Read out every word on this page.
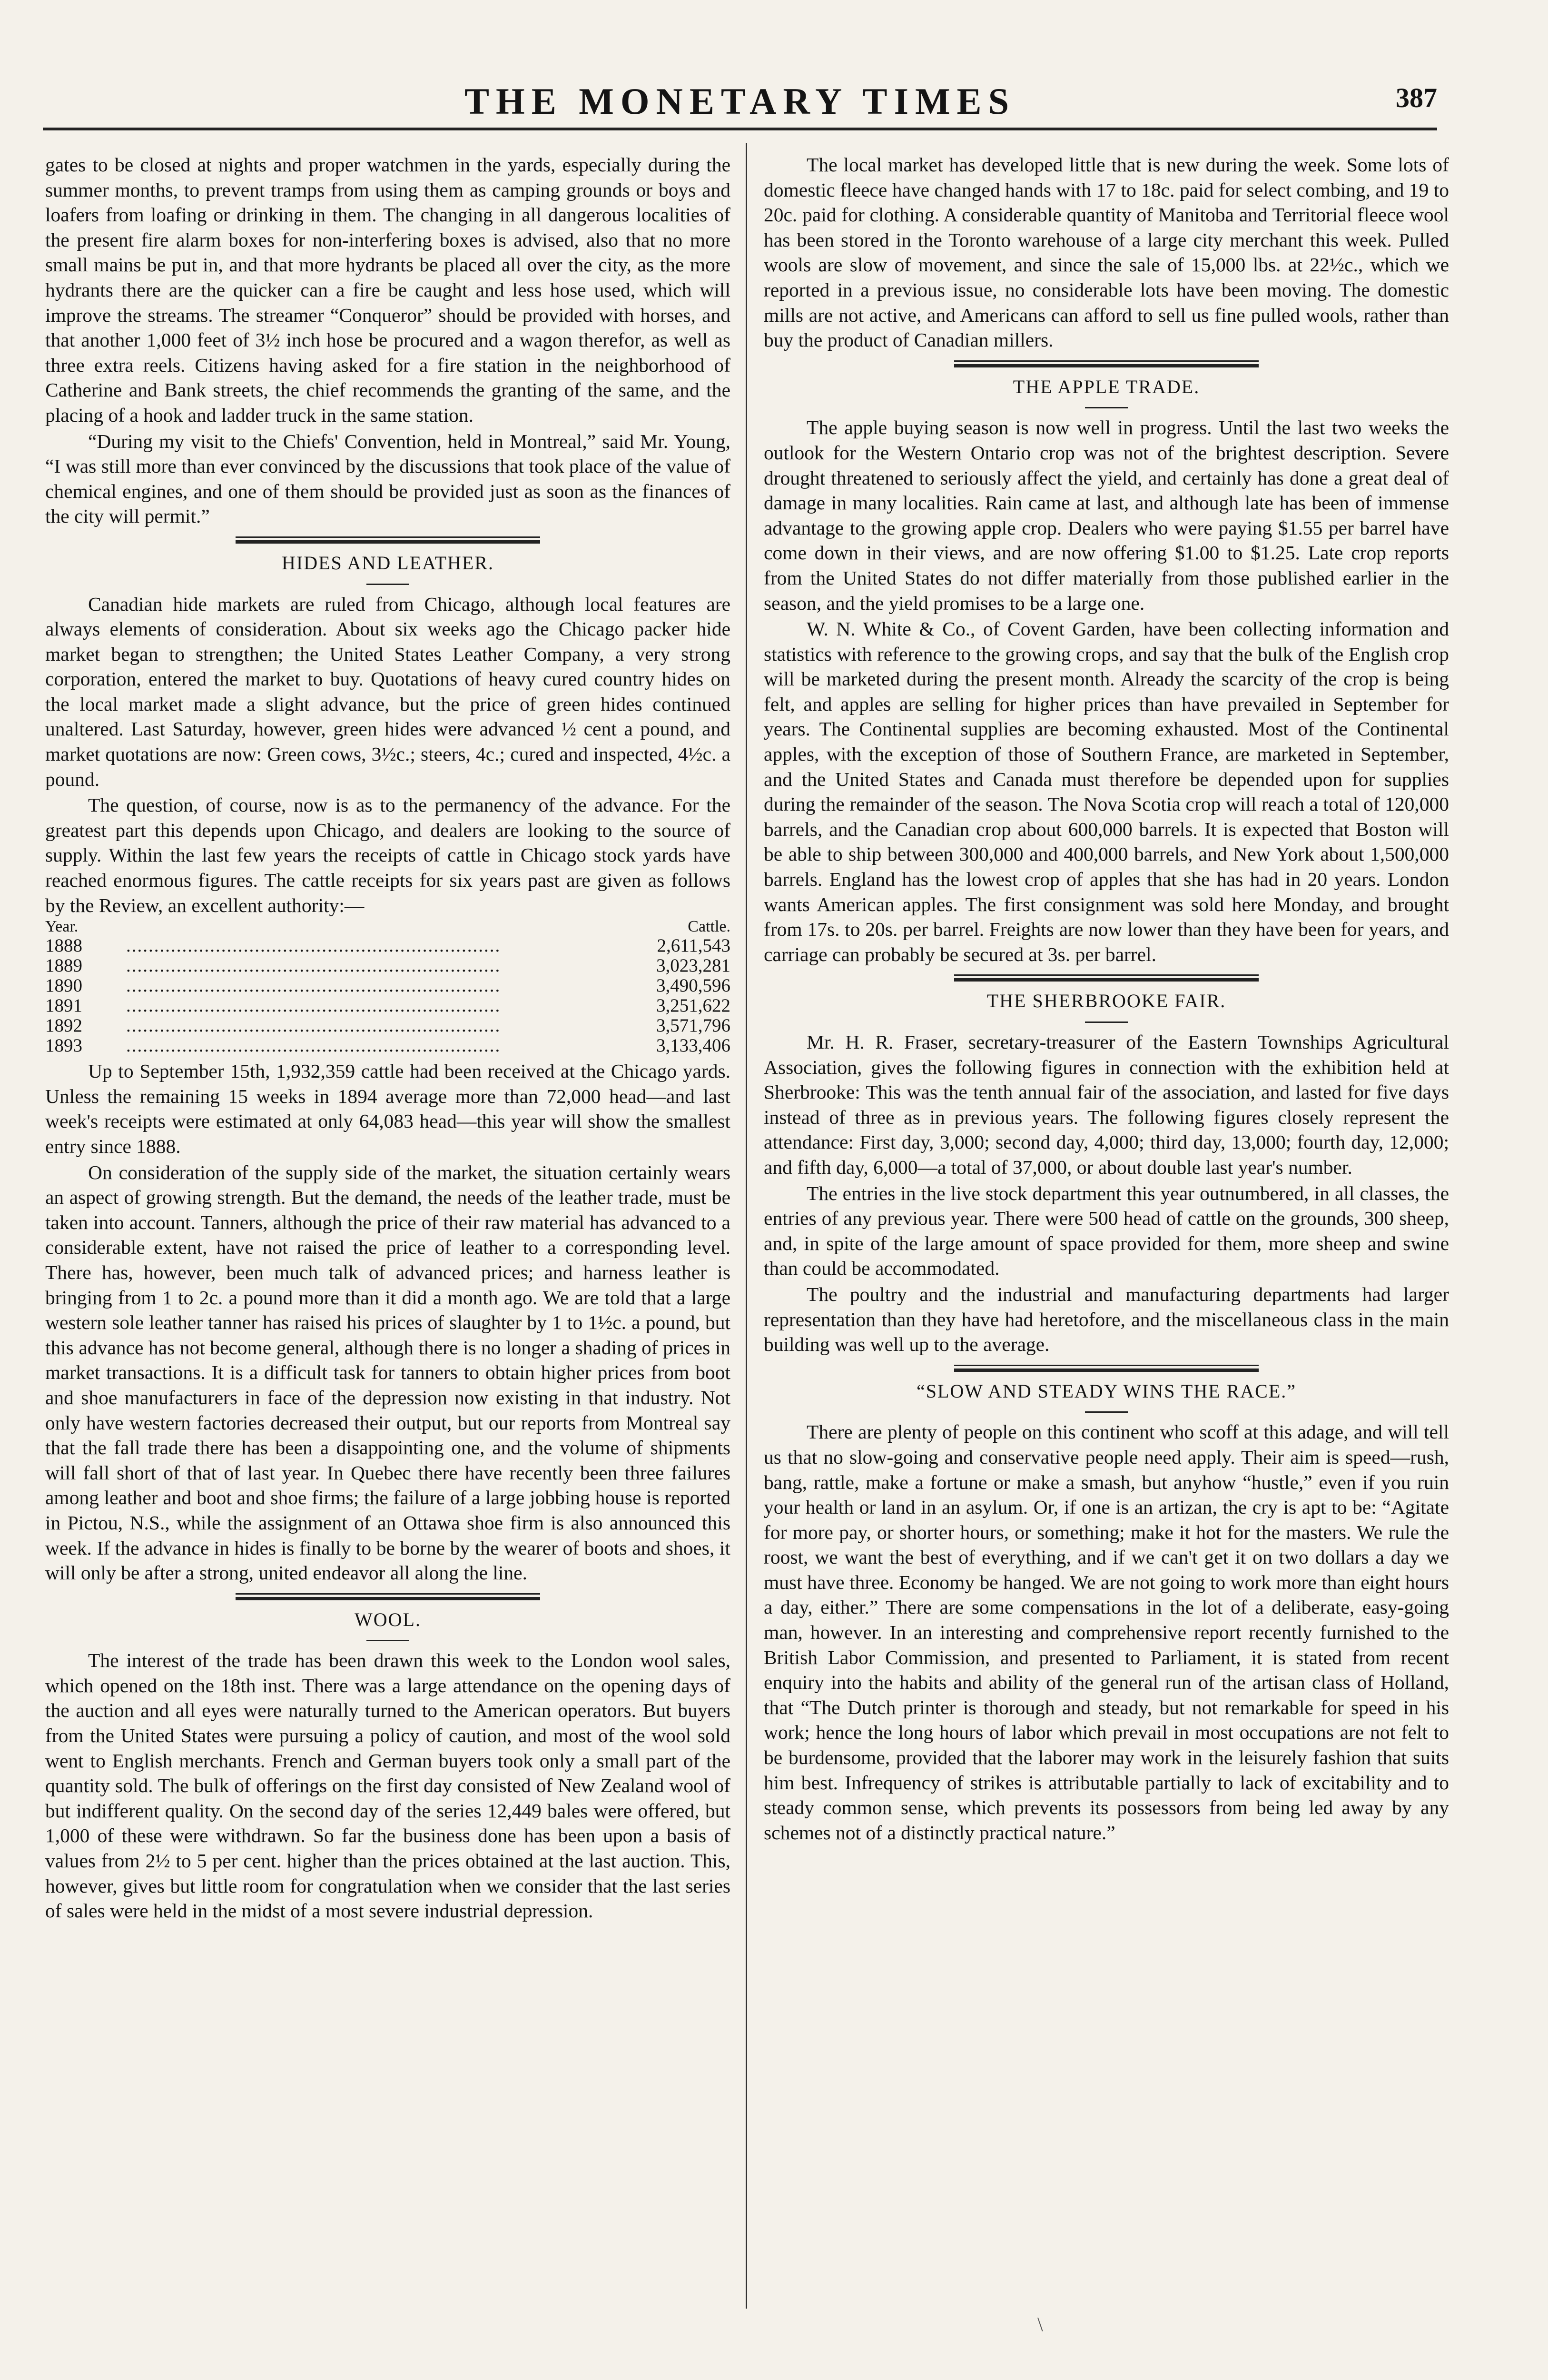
THE MONETARY TIMES	387

gates to be closed at nights and proper watchmen in the yards, especially during the summer months, to prevent tramps from using them as camping grounds or boys and loafers from loafing or drinking in them. The changing in all dangerous localities of the present fire alarm boxes for non-interfering boxes is advised, also that no more small mains be put in, and that more hydrants be placed all over the city, as the more hydrants there are the quicker can a fire be caught and less hose used, which will improve the streams. The streamer “Conqueror” should be provided with horses, and that another 1,000 feet of 3½ inch hose be procured and a wagon therefor, as well as three extra reels. Citizens having asked for a fire station in the neighborhood of Catherine and Bank streets, the chief recommends the granting of the same, and the placing of a hook and ladder truck in the same station.

“During my visit to the Chiefs' Convention, held in Montreal,” said Mr. Young, “I was still more than ever convinced by the discussions that took place of the value of chemical engines, and one of them should be provided just as soon as the finances of the city will permit.”

HIDES AND LEATHER.

Canadian hide markets are ruled from Chicago, although local features are always elements of consideration. About six weeks ago the Chicago packer hide market began to strengthen; the United States Leather Company, a very strong corporation, entered the market to buy. Quotations of heavy cured country hides on the local market made a slight advance, but the price of green hides continued unaltered. Last Saturday, however, green hides were advanced ½ cent a pound, and market quotations are now: Green cows, 3½c.; steers, 4c.; cured and inspected, 4½c. a pound.

The question, of course, now is as to the permanency of the advance. For the greatest part this depends upon Chicago, and dealers are looking to the source of supply. Within the last few years the receipts of cattle in Chicago stock yards have reached enormous figures. The cattle receipts for six years past are given as follows by the Review, an excellent authority:—

Year.		Cattle.
1888	...................................................................	2,611,543
1889	...................................................................	3,023,281
1890	...................................................................	3,490,596
1891	...................................................................	3,251,622
1892	...................................................................	3,571,796
1893	...................................................................	3,133,406

Up to September 15th, 1,932,359 cattle had been received at the Chicago yards. Unless the remaining 15 weeks in 1894 average more than 72,000 head—and last week's receipts were estimated at only 64,083 head—this year will show the smallest entry since 1888.

On consideration of the supply side of the market, the situation certainly wears an aspect of growing strength. But the demand, the needs of the leather trade, must be taken into account. Tanners, although the price of their raw material has advanced to a considerable extent, have not raised the price of leather to a corresponding level. There has, however, been much talk of advanced prices; and harness leather is bringing from 1 to 2c. a pound more than it did a month ago. We are told that a large western sole leather tanner has raised his prices of slaughter by 1 to 1½c. a pound, but this advance has not become general, although there is no longer a shading of prices in market transactions. It is a difficult task for tanners to obtain higher prices from boot and shoe manufacturers in face of the depression now existing in that industry. Not only have western factories decreased their output, but our reports from Montreal say that the fall trade there has been a disappointing one, and the volume of shipments will fall short of that of last year. In Quebec there have recently been three failures among leather and boot and shoe firms; the failure of a large jobbing house is reported in Pictou, N.S., while the assignment of an Ottawa shoe firm is also announced this week. If the advance in hides is finally to be borne by the wearer of boots and shoes, it will only be after a strong, united endeavor all along the line.

WOOL.

The interest of the trade has been drawn this week to the London wool sales, which opened on the 18th inst. There was a large attendance on the opening days of the auction and all eyes were naturally turned to the American operators. But buyers from the United States were pursuing a policy of caution, and most of the wool sold went to English merchants. French and German buyers took only a small part of the quantity sold. The bulk of offerings on the first day consisted of New Zealand wool of but indifferent quality. On the second day of the series 12,449 bales were offered, but 1,000 of these were withdrawn. So far the business done has been upon a basis of values from 2½ to 5 per cent. higher than the prices obtained at the last auction. This, however, gives but little room for congratulation when we consider that the last series of sales were held in the midst of a most severe industrial depression.

The local market has developed little that is new during the week. Some lots of domestic fleece have changed hands with 17 to 18c. paid for select combing, and 19 to 20c. paid for clothing. A considerable quantity of Manitoba and Territorial fleece wool has been stored in the Toronto warehouse of a large city merchant this week. Pulled wools are slow of movement, and since the sale of 15,000 lbs. at 22½c., which we reported in a previous issue, no considerable lots have been moving. The domestic mills are not active, and Americans can afford to sell us fine pulled wools, rather than buy the product of Canadian millers.

THE APPLE TRADE.

The apple buying season is now well in progress. Until the last two weeks the outlook for the Western Ontario crop was not of the brightest description. Severe drought threatened to seriously affect the yield, and certainly has done a great deal of damage in many localities. Rain came at last, and although late has been of immense advantage to the growing apple crop. Dealers who were paying $1.55 per barrel have come down in their views, and are now offering $1.00 to $1.25. Late crop reports from the United States do not differ materially from those published earlier in the season, and the yield promises to be a large one.

W. N. White & Co., of Covent Garden, have been collecting information and statistics with reference to the growing crops, and say that the bulk of the English crop will be marketed during the present month. Already the scarcity of the crop is being felt, and apples are selling for higher prices than have prevailed in September for years. The Continental supplies are becoming exhausted. Most of the Continental apples, with the exception of those of Southern France, are marketed in September, and the United States and Canada must therefore be depended upon for supplies during the remainder of the season. The Nova Scotia crop will reach a total of 120,000 barrels, and the Canadian crop about 600,000 barrels. It is expected that Boston will be able to ship between 300,000 and 400,000 barrels, and New York about 1,500,000 barrels. England has the lowest crop of apples that she has had in 20 years. London wants American apples. The first consignment was sold here Monday, and brought from 17s. to 20s. per barrel. Freights are now lower than they have been for years, and carriage can probably be secured at 3s. per barrel.

THE SHERBROOKE FAIR.

Mr. H. R. Fraser, secretary-treasurer of the Eastern Townships Agricultural Association, gives the following figures in connection with the exhibition held at Sherbrooke: This was the tenth annual fair of the association, and lasted for five days instead of three as in previous years. The following figures closely represent the attendance: First day, 3,000; second day, 4,000; third day, 13,000; fourth day, 12,000; and fifth day, 6,000—a total of 37,000, or about double last year's number.

The entries in the live stock department this year outnumbered, in all classes, the entries of any previous year. There were 500 head of cattle on the grounds, 300 sheep, and, in spite of the large amount of space provided for them, more sheep and swine than could be accommodated.

The poultry and the industrial and manufacturing departments had larger representation than they have had heretofore, and the miscellaneous class in the main building was well up to the average.

“SLOW AND STEADY WINS THE RACE.”

There are plenty of people on this continent who scoff at this adage, and will tell us that no slow-going and conservative people need apply. Their aim is speed—rush, bang, rattle, make a fortune or make a smash, but anyhow “hustle,” even if you ruin your health or land in an asylum. Or, if one is an artizan, the cry is apt to be: “Agitate for more pay, or shorter hours, or something; make it hot for the masters. We rule the roost, we want the best of everything, and if we can't get it on two dollars a day we must have three. Economy be hanged. We are not going to work more than eight hours a day, either.” There are some compensations in the lot of a deliberate, easy-going man, however. In an interesting and comprehensive report recently furnished to the British Labor Commission, and presented to Parliament, it is stated from recent enquiry into the habits and ability of the general run of the artisan class of Holland, that “The Dutch printer is thorough and steady, but not remarkable for speed in his work; hence the long hours of labor which prevail in most occupations are not felt to be burdensome, provided that the laborer may work in the leisurely fashion that suits him best. Infrequency of strikes is attributable partially to lack of excitability and to steady common sense, which prevents its possessors from being led away by any schemes not of a distinctly practical nature.”

\
